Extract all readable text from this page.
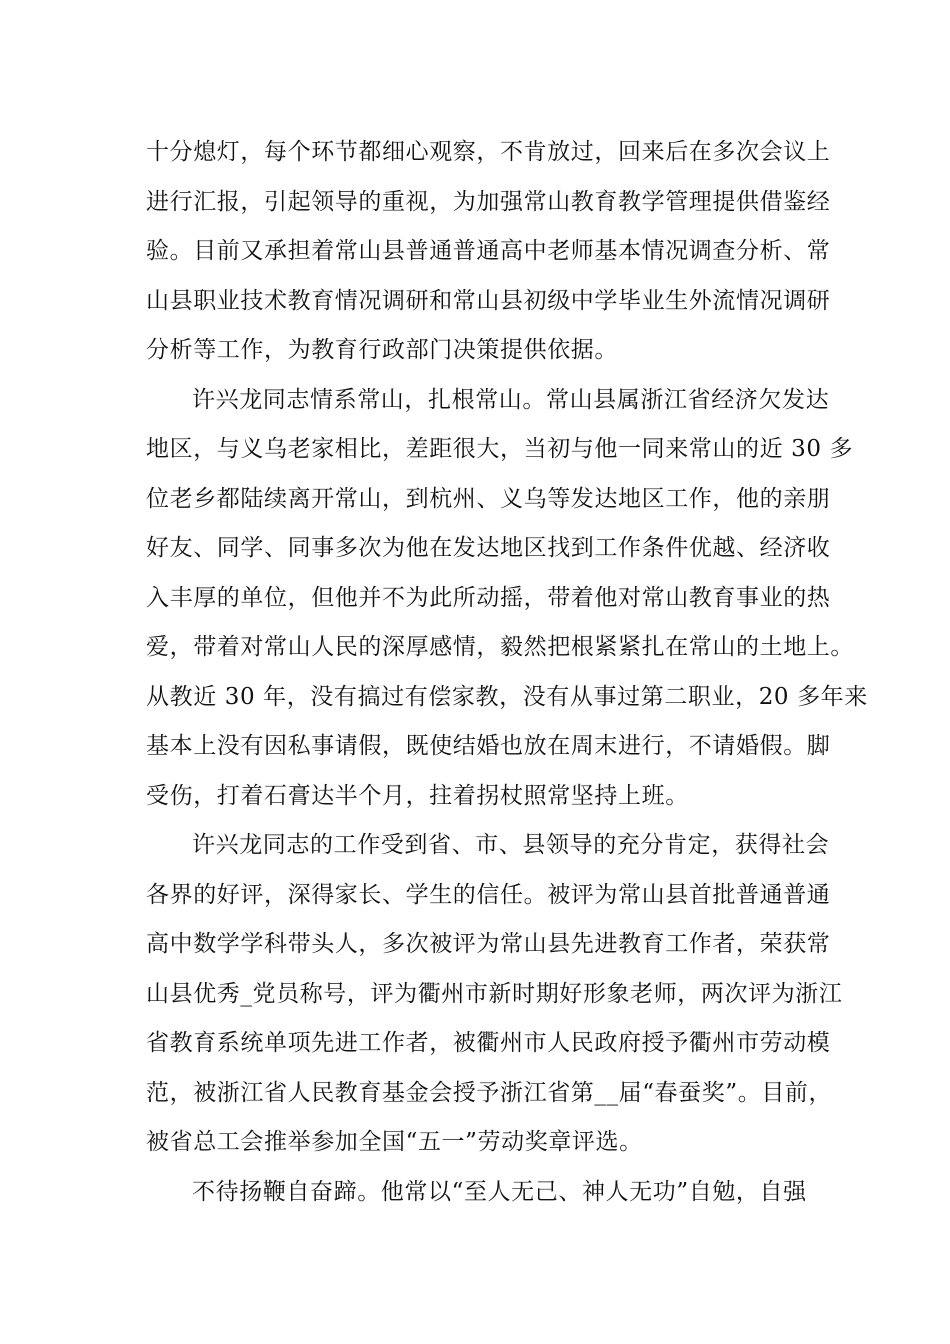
十分熄灯，每个环节都细心观察，不肯放过，回来后在多次会议上
进行汇报，引起领导的重视，为加强常山教育教学管理提供借鉴经
验。目前又承担着常山县普通普通高中老师基本情况调查分析、常
山县职业技术教育情况调研和常山县初级中学毕业生外流情况调研
分析等工作，为教育行政部门决策提供依据。
许兴龙同志情系常山，扎根常山。常山县属浙江省经济欠发达
地区，与义乌老家相比，差距很大，当初与他一同来常山的近 30 多
位老乡都陆续离开常山，到杭州、义乌等发达地区工作，他的亲朋
好友、同学、同事多次为他在发达地区找到工作条件优越、经济收
入丰厚的单位，但他并不为此所动摇，带着他对常山教育事业的热
爱，带着对常山人民的深厚感情，毅然把根紧紧扎在常山的土地上。
从教近 30 年，没有搞过有偿家教，没有从事过第二职业，20 多年来
基本上没有因私事请假，既使结婚也放在周末进行，不请婚假。脚
受伤，打着石膏达半个月，拄着拐杖照常坚持上班。
许兴龙同志的工作受到省、市、县领导的充分肯定，获得社会
各界的好评，深得家长、学生的信任。被评为常山县首批普通普通
高中数学学科带头人，多次被评为常山县先进教育工作者，荣获常
山县优秀_党员称号，评为衢州市新时期好形象老师，两次评为浙江
省教育系统单项先进工作者，被衢州市人民政府授予衢州市劳动模
范，被浙江省人民教育基金会授予浙江省第__届“春蚕奖”。目前，
被省总工会推举参加全国“五一”劳动奖章评选。
不待扬鞭自奋蹄。他常以“至人无己、神人无功”自勉，自强
